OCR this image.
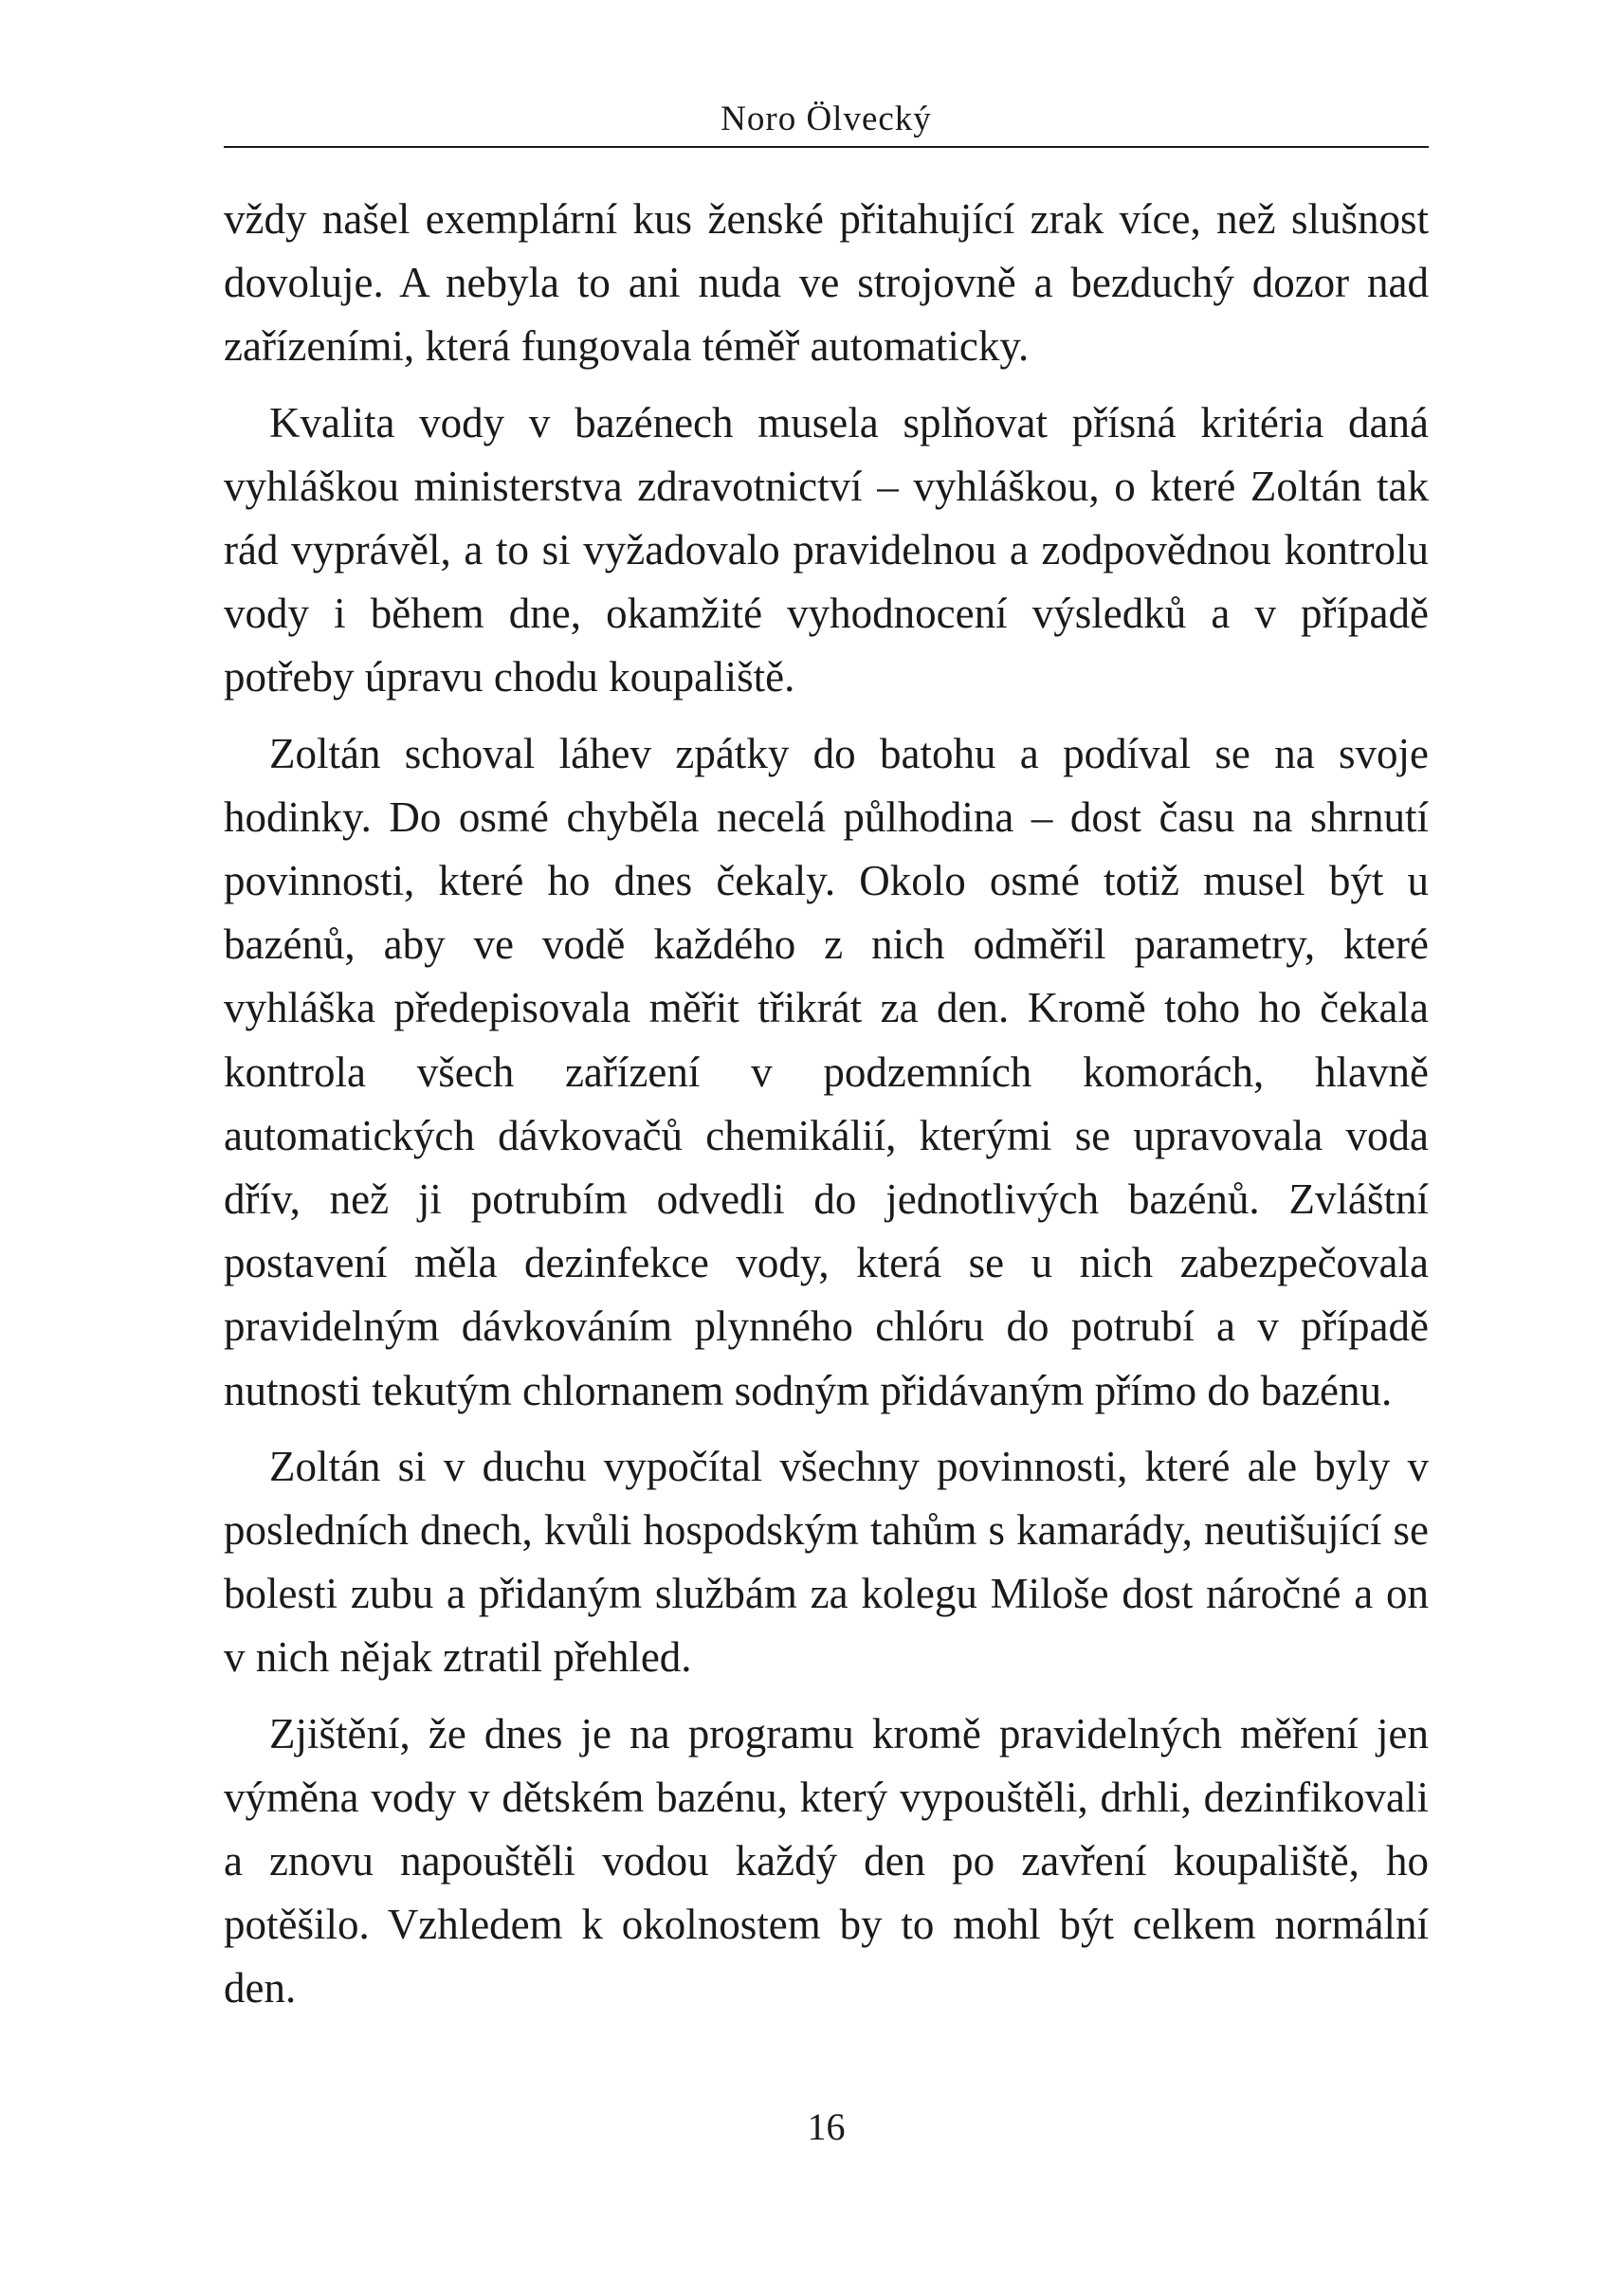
Noro Ölvecký

vždy našel exemplární kus ženské přitahující zrak více, než slušnost dovoluje. A nebyla to ani nuda ve strojovně a bezduchý dozor nad zařízeními, která fungovala téměř automaticky.

Kvalita vody v bazénech musela splňovat přísná kritéria daná vyhláškou ministerstva zdravotnictví – vyhláškou, o které Zoltán tak rád vyprávěl, a to si vyžadovalo pravidelnou a zodpovědnou kontrolu vody i během dne, okamžité vyhodnocení výsledků a v případě potřeby úpravu chodu koupaliště.

Zoltán schoval láhev zpátky do batohu a podíval se na svoje hodinky. Do osmé chyběla necelá půlhodina – dost času na shrnutí povinnosti, které ho dnes čekaly. Okolo osmé totiž musel být u bazénů, aby ve vodě každého z nich odměřil parametry, které vyhláška předepisovala měřit třikrát za den. Kromě toho ho čekala kontrola všech zařízení v podzemních komorách, hlavně automatických dávkovačů chemikálií, kterými se upravovala voda dřív, než ji potrubím odvedli do jednotlivých bazénů. Zvláštní postavení měla dezinfekce vody, která se u nich zabezpečovala pravidelným dávkováním plynného chlóru do potrubí a v případě nutnosti tekutým chlornanem sodným přidávaným přímo do bazénu.

Zoltán si v duchu vypočítal všechny povinnosti, které ale byly v posledních dnech, kvůli hospodským tahům s kamarády, neutišující se bolesti zubu a přidaným službám za kolegu Miloše dost náročné a on v nich nějak ztratil přehled.

Zjištění, že dnes je na programu kromě pravidelných měření jen výměna vody v dětském bazénu, který vypouštěli, drhli, dezinfikovali a znovu napouštěli vodou každý den po zavření koupaliště, ho potěšilo. Vzhledem k okolnostem by to mohl být celkem normální den.

16
